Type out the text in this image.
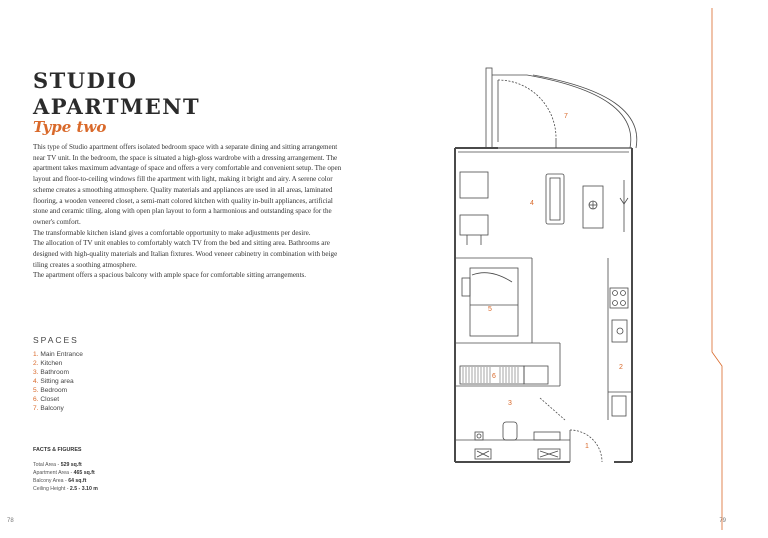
STUDIO
APARTMENT
Type two

This type of Studio apartment offers isolated bedroom space with a separate dining and sitting arrangement near TV unit. In the bedroom, the space is situated a high-gloss wardrobe with a dressing arrangement. The apartment takes maximum advantage of space and offers a very comfortable and convenient setup. The open layout and floor-to-ceiling windows fill the apartment with light, making it bright and airy. A serene color scheme creates a smoothing atmosphere. Quality materials and appliances are used in all areas, laminated flooring, a wooden veneered closet, a semi-matt colored kitchen with quality in-built appliances, artificial stone and ceramic tiling, along with open plan layout to form a harmonious and outstanding space for the owner's comfort.

The transformable kitchen island gives a comfortable opportunity to make adjustments per desire.

The allocation of TV unit enables to comfortably watch TV from the bed and sitting area. Bathrooms are designed with high-quality materials and Italian fixtures. Wood veneer cabinetry in combination with beige tiling creates a soothing atmosphere.

The apartment offers a spacious balcony with ample space for comfortable sitting arrangements.

SPACES
1. Main Entrance
2. Kitchen
3. Bathroom
4. Sitting area
5. Bedroom
6. Closet
7. Balcony
FACTS & FIGURES
Total Area - 529 sq.ft
Apartment Area - 465 sq.ft
Balcony Area - 64 sq.ft
Ceiling Height - 2.5 - 3.10 m
78	79
7
4
5
2
6
3
1
